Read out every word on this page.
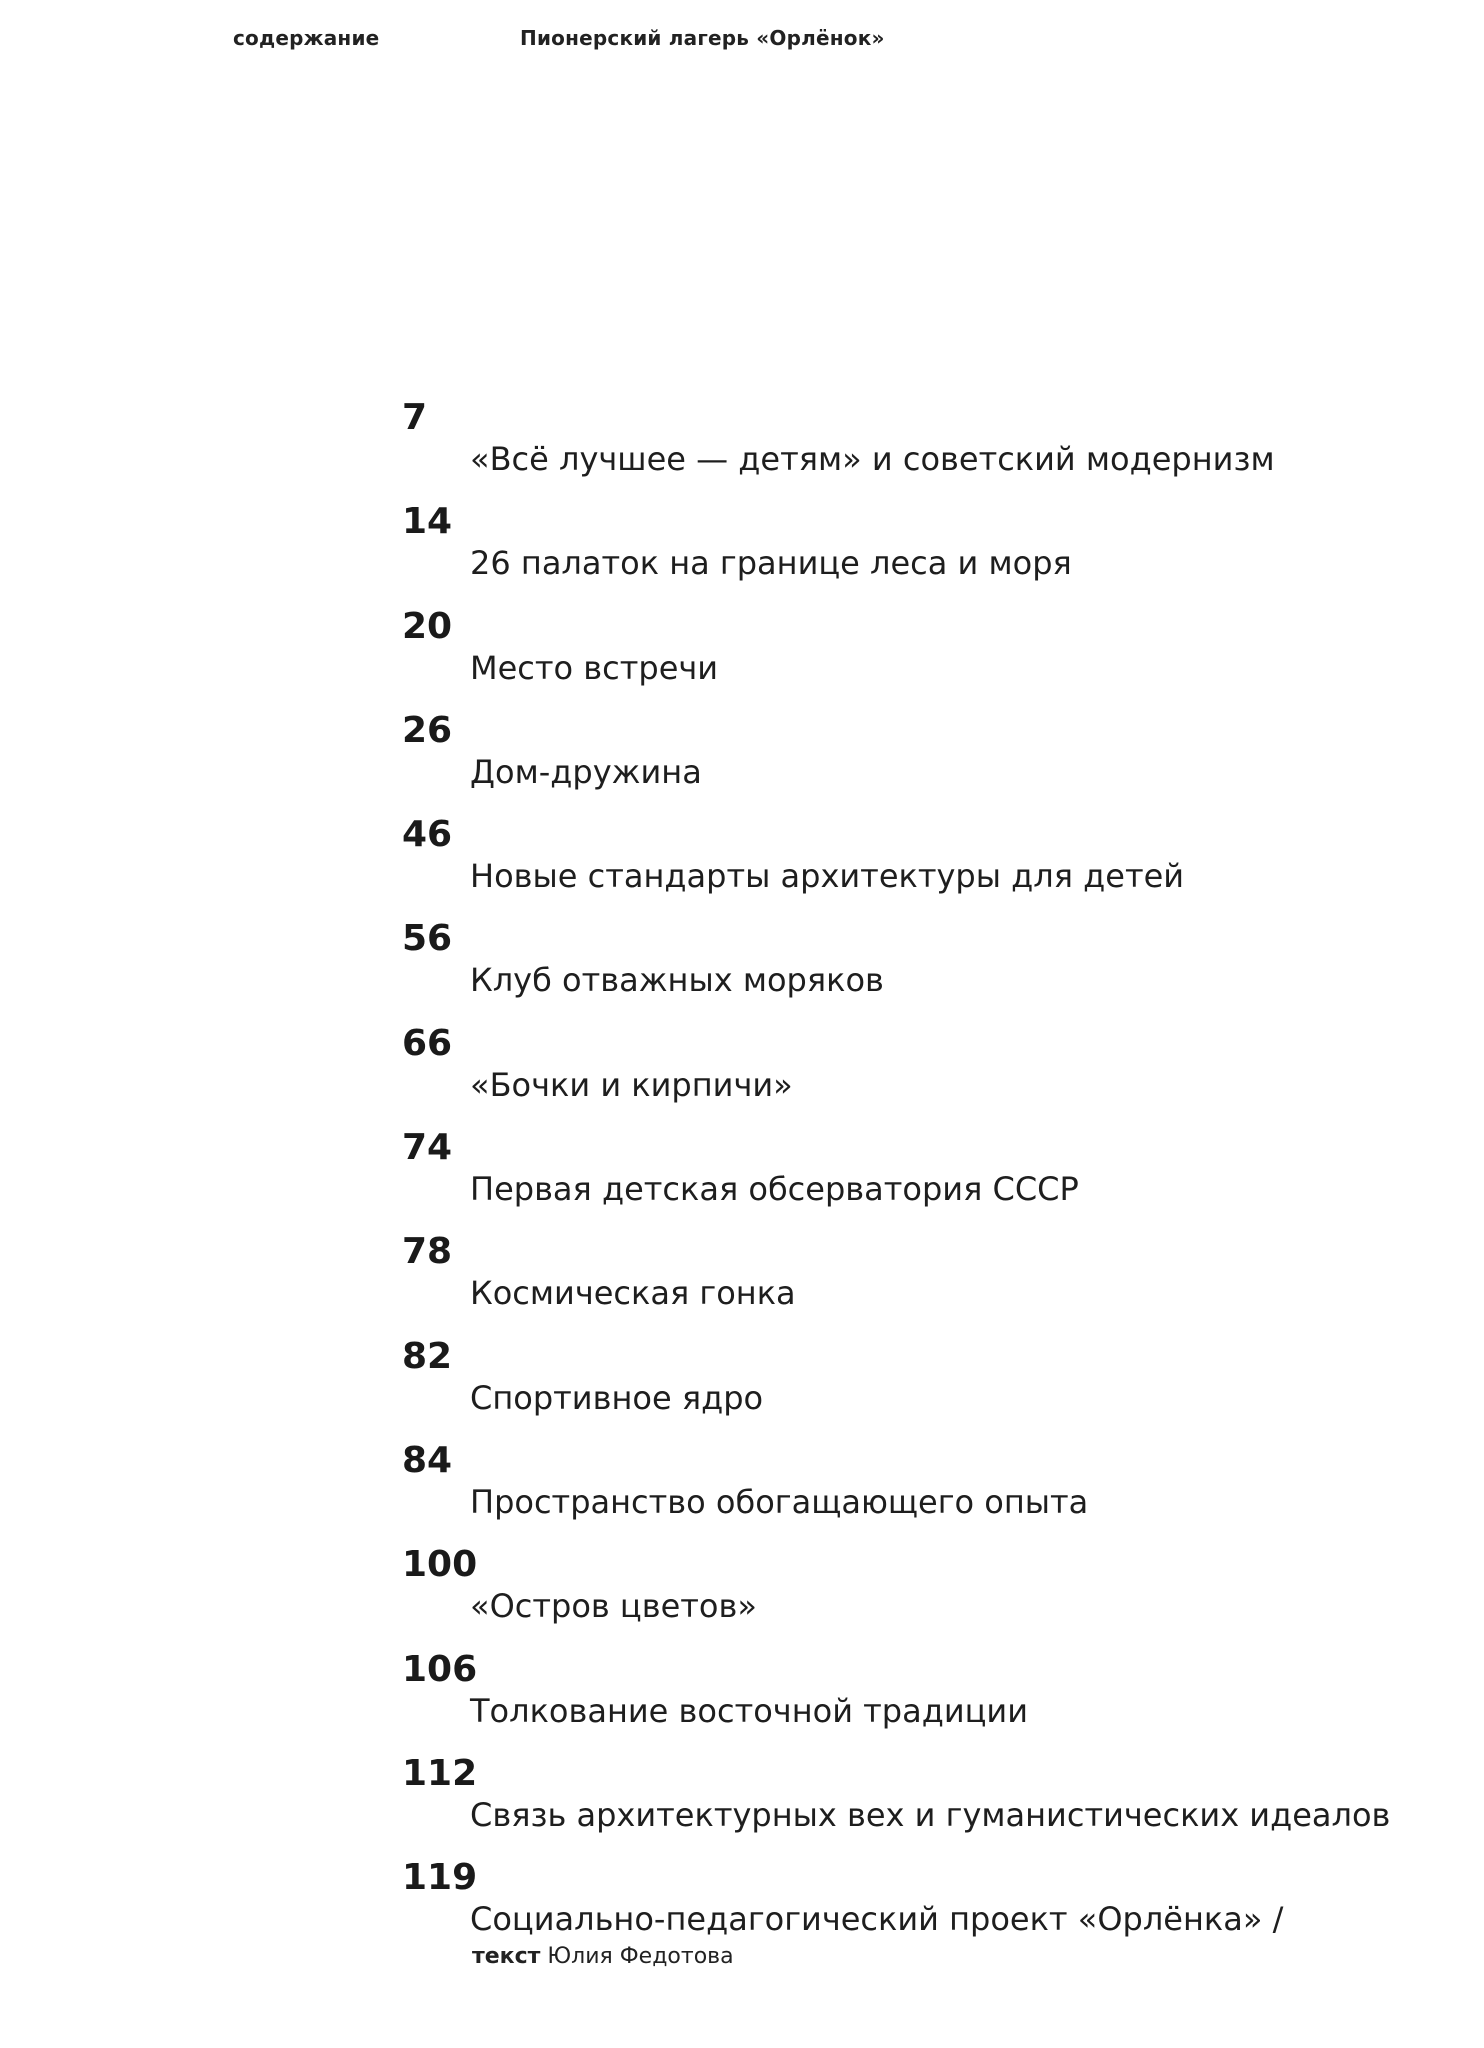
содержание	Пионерский лагерь «Орлёнок»
7
«Всё лучшее — детям» и советский модернизм
14
26 палаток на границе леса и моря
20
Место встречи
26
Дом-дружина
46
Новые стандарты архитектуры для детей
56
Клуб отважных моряков
66
«Бочки и кирпичи»
74
Первая детская обсерватория СССР
78
Космическая гонка
82
Спортивное ядро
84
Пространство обогащающего опыта
100
«Остров цветов»
106
Толкование восточной традиции
112
Связь архитектурных вех и гуманистических идеалов
119
Социально-педагогический проект «Орлёнка» /
текст Юлия Федотова
